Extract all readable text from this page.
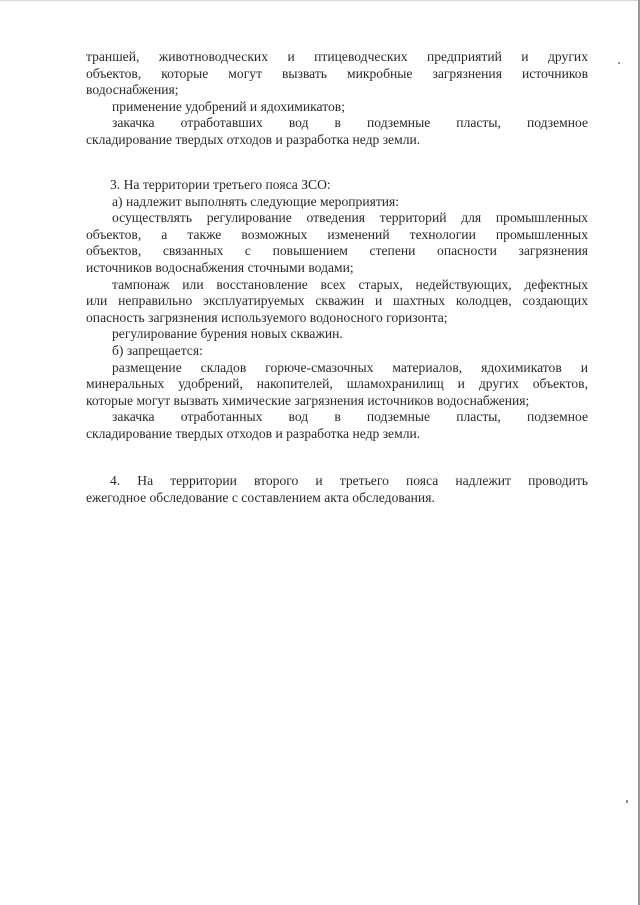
траншей, животноводческих и птицеводческих предприятий и других

объектов, которые могут вызвать микробные загрязнения источников

водоснабжения;

применение удобрений и ядохимикатов;

закачка отработавших вод в подземные пласты, подземное

складирование твердых отходов и разработка недр земли.

3. На территории третьего пояса ЗСО:

а) надлежит выполнять следующие мероприятия:

осуществлять регулирование отведения территорий для промышленных

объектов, а также возможных изменений технологии промышленных

объектов, связанных с повышением степени опасности загрязнения

источников водоснабжения сточными водами;

тампонаж или восстановление всех старых, недействующих, дефектных

или неправильно эксплуатируемых скважин и шахтных колодцев, создающих

опасность загрязнения используемого водоносного горизонта;

регулирование бурения новых скважин.

б) запрещается:

размещение складов горюче-смазочных материалов, ядохимикатов и

минеральных удобрений, накопителей, шламохранилищ и других объектов,

которые могут вызвать химические загрязнения источников водоснабжения;

закачка отработанных вод в подземные пласты, подземное

складирование твердых отходов и разработка недр земли.

4. На территории второго и третьего пояса надлежит проводить

ежегодное обследование с составлением акта обследования.
